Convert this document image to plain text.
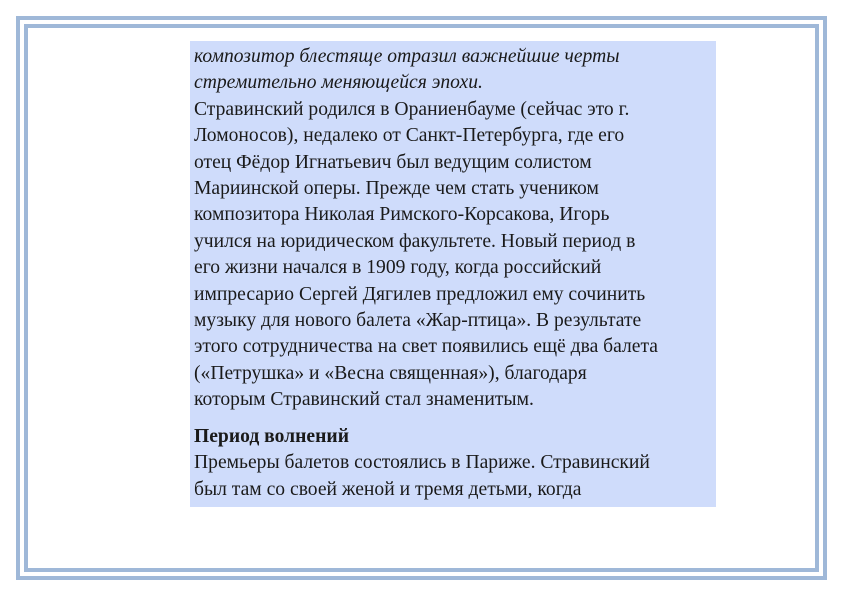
композитор блестяще отразил важнейшие черты
стремительно меняющейся эпохи.
Стравинский родился в Ораниенбауме (сейчас это г.
Ломоносов), недалеко от Санкт-Петербурга, где его
отец Фёдор Игнатьевич был ведущим солистом
Мариинской оперы. Прежде чем стать учеником
композитора Николая Римского-Корсакова, Игорь
учился на юридическом факультете. Новый период в
его жизни начался в 1909 году, когда российский
импресарио Сергей Дягилев предложил ему сочинить
музыку для нового балета «Жар-птица». В результате
этого сотрудничества на свет появились ещё два балета
(«Петрушка» и «Весна священная»), благодаря
которым Стравинский стал знаменитым.
Период волнений
Премьеры балетов состоялись в Париже. Стравинский
был там со своей женой и тремя детьми, когда
